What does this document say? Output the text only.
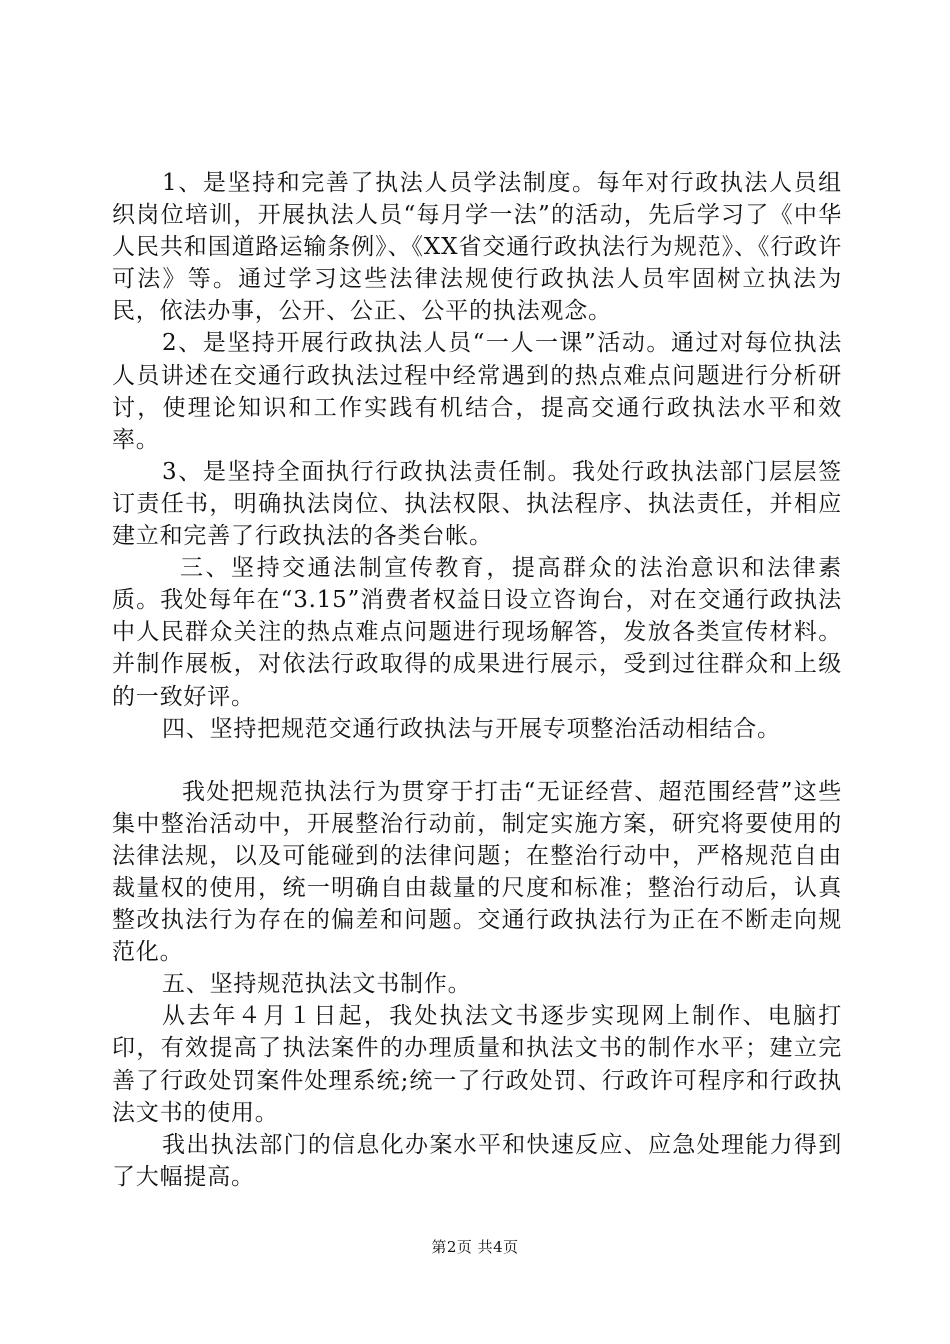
1、是坚持和完善了执法人员学法制度。每年对行政执法人员组织岗位培训，开展执法人员“每月学一法”的活动，先后学习了《中华人民共和国道路运输条例》、《XX省交通行政执法行为规范》、《行政许可法》等。通过学习这些法律法规使行政执法人员牢固树立执法为民，依法办事，公开、公正、公平的执法观念。

2、是坚持开展行政执法人员“一人一课”活动。通过对每位执法人员讲述在交通行政执法过程中经常遇到的热点难点问题进行分析研讨，使理论知识和工作实践有机结合，提高交通行政执法水平和效率。

3、是坚持全面执行行政执法责任制。我处行政执法部门层层签订责任书，明确执法岗位、执法权限、执法程序、执法责任，并相应建立和完善了行政执法的各类台帐。

三、坚持交通法制宣传教育，提高群众的法治意识和法律素质。我处每年在“3.15”消费者权益日设立咨询台，对在交通行政执法中人民群众关注的热点难点问题进行现场解答，发放各类宣传材料。并制作展板，对依法行政取得的成果进行展示，受到过往群众和上级的一致好评。

四、坚持把规范交通行政执法与开展专项整治活动相结合。

我处把规范执法行为贯穿于打击“无证经营、超范围经营”这些集中整治活动中，开展整治行动前，制定实施方案，研究将要使用的法律法规，以及可能碰到的法律问题；在整治行动中，严格规范自由裁量权的使用，统一明确自由裁量的尺度和标准；整治行动后，认真整改执法行为存在的偏差和问题。交通行政执法行为正在不断走向规范化。

五、坚持规范执法文书制作。

从去年４月１日起，我处执法文书逐步实现网上制作、电脑打印，有效提高了执法案件的办理质量和执法文书的制作水平；建立完善了行政处罚案件处理系统;统一了行政处罚、行政许可程序和行政执法文书的使用。

我出执法部门的信息化办案水平和快速反应、应急处理能力得到了大幅提高。

第2页 共4页
